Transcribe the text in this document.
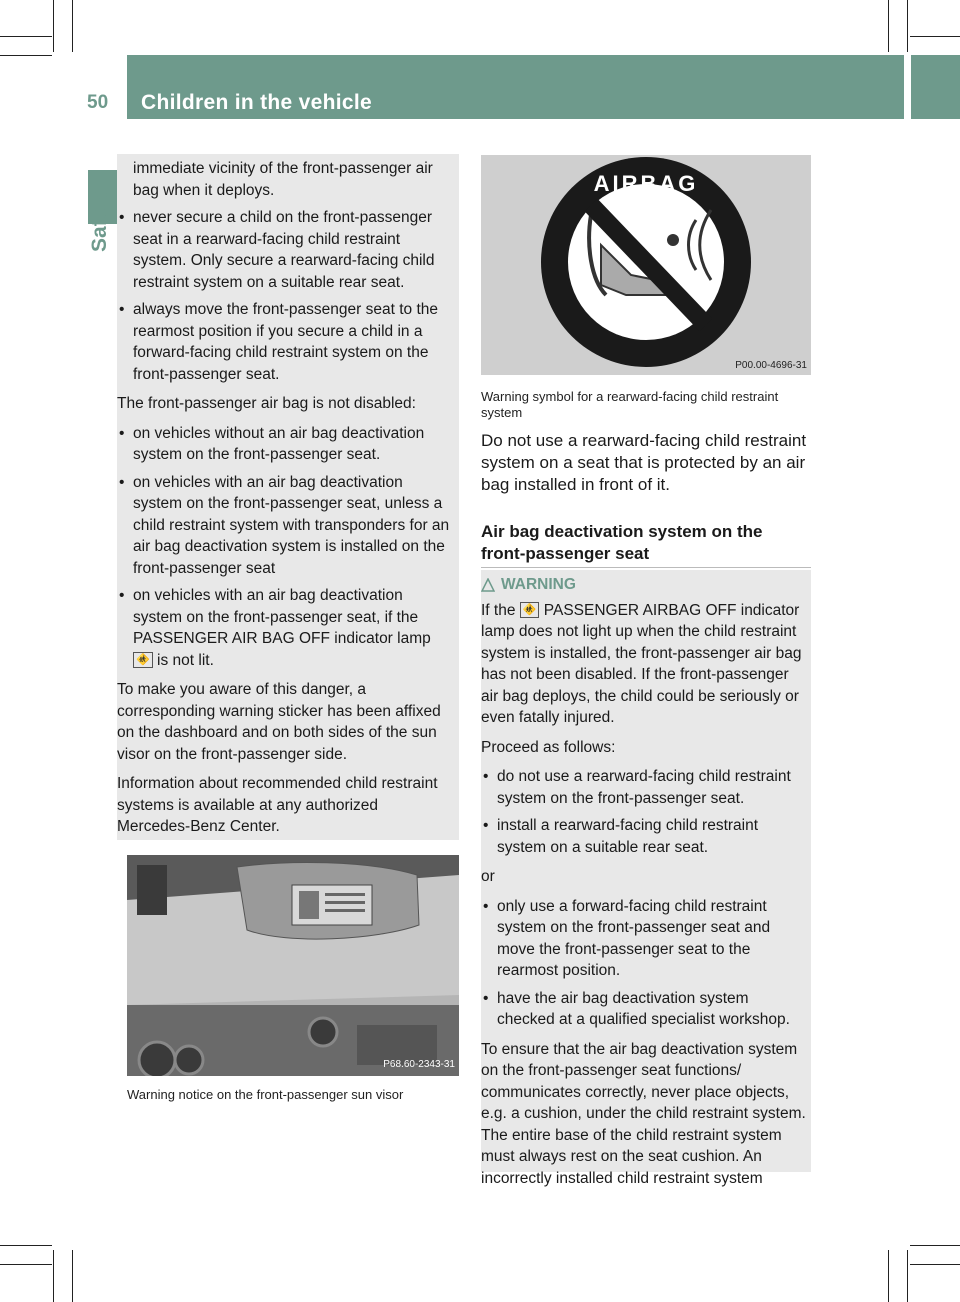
50 Children in the vehicle
Safety
immediate vicinity of the front-passenger air bag when it deploys.
• never secure a child on the front-passenger seat in a rearward-facing child restraint system. Only secure a rearward-facing child restraint system on a suitable rear seat.
• always move the front-passenger seat to the rearmost position if you secure a child in a forward-facing child restraint system on the front-passenger seat.

The front-passenger air bag is not disabled:

• on vehicles without an air bag deactivation system on the front-passenger seat.
• on vehicles with an air bag deactivation system on the front-passenger seat, unless a child restraint system with transponders for an air bag deactivation system is installed on the front-passenger seat
• on vehicles with an air bag deactivation system on the front-passenger seat, if the PASSENGER AIR BAG OFF indicator lamp
🚸 is not lit.

To make you aware of this danger, a corresponding warning sticker has been affixed on the dashboard and on both sides of the sun visor on the front-passenger side.

Information about recommended child restraint systems is available at any authorized Mercedes-Benz Center.

P68.60-2343-31
Warning notice on the front-passenger sun visor
AIRBAG
P00.00-4696-31
Warning symbol for a rearward-facing child restraint system
Do not use a rearward-facing child restraint system on a seat that is protected by an air bag installed in front of it.
Air bag deactivation system on the front-passenger seat
WARNING

If the 🚸 PASSENGER AIRBAG OFF indicator lamp does not light up when the child restraint system is installed, the front-passenger air bag has not been disabled. If the front-passenger air bag deploys, the child could be seriously or even fatally injured.

Proceed as follows:

• do not use a rearward-facing child restraint system on the front-passenger seat.
• install a rearward-facing child restraint system on a suitable rear seat.

or

• only use a forward-facing child restraint system on the front-passenger seat and move the front-passenger seat to the rearmost position.
• have the air bag deactivation system checked at a qualified specialist workshop.

To ensure that the air bag deactivation system on the front-passenger seat functions/ communicates correctly, never place objects, e.g. a cushion, under the child restraint system. The entire base of the child restraint system must always rest on the seat cushion. An incorrectly installed child restraint system
